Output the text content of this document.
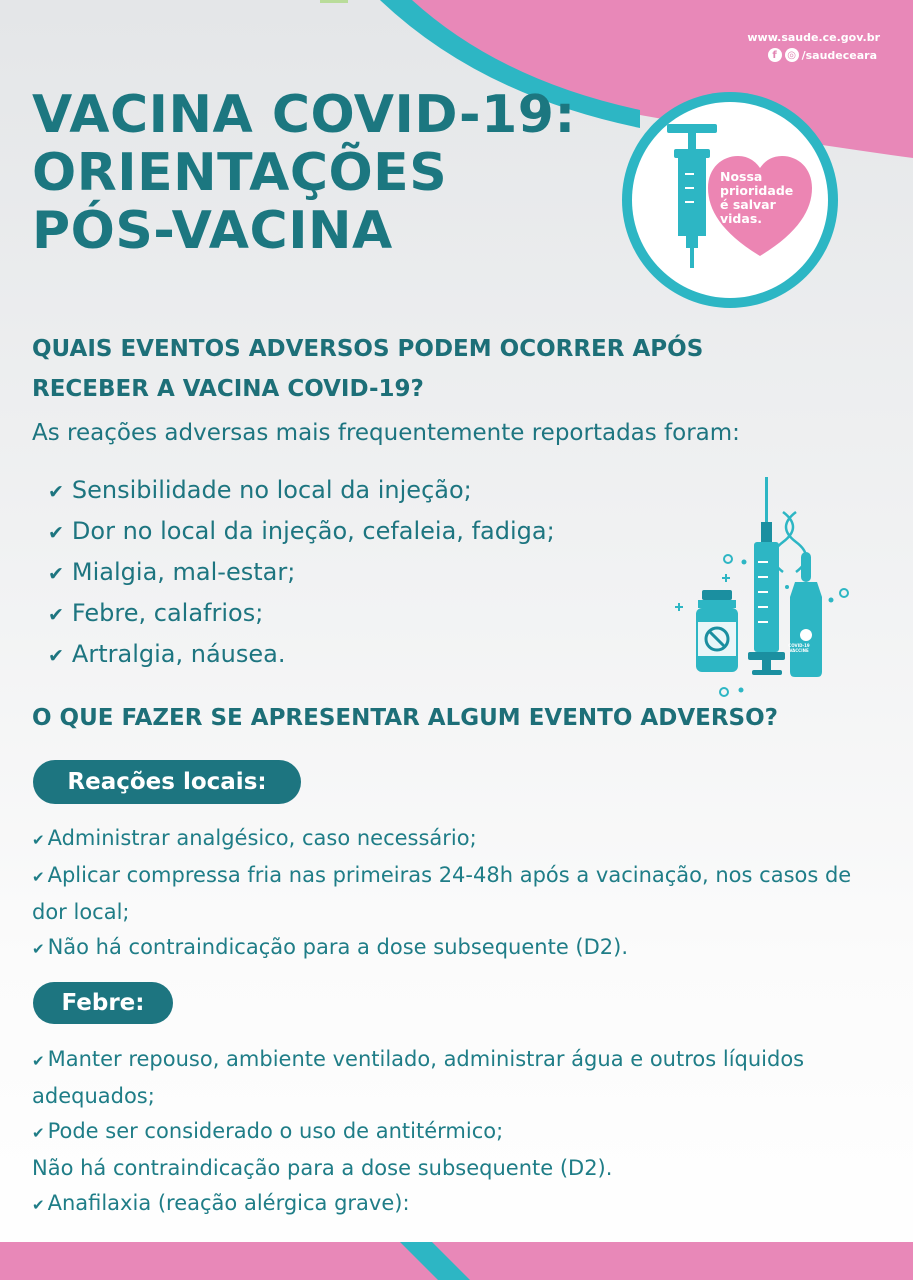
Nossa
prioridade
é salvar
vidas.
www.saude.ce.gov.br
f	◎ /saudeceara
VACINA COVID-19:
ORIENTAÇÕES
PÓS-VACINA
QUAIS EVENTOS ADVERSOS PODEM OCORRER APÓS
RECEBER A VACINA COVID-19?
As reações adversas mais frequentemente reportadas foram:
✔ Sensibilidade no local da injeção;
✔ Dor no local da injeção, cefaleia, fadiga;
✔ Mialgia, mal-estar;
✔ Febre, calafrios;
✔ Artralgia, náusea.	COVID-19
VACCINE
O QUE FAZER SE APRESENTAR ALGUM EVENTO ADVERSO?
Reações locais:

✔ Administrar analgésico, caso necessário;

✔ Aplicar compressa fria nas primeiras 24-48h após a vacinação, nos casos de dor local;

✔ Não há contraindicação para a dose subsequente (D2).

Febre:

✔ Manter repouso, ambiente ventilado, administrar água e outros líquidos adequados;

✔ Pode ser considerado o uso de antitérmico;

Não há contraindicação para a dose subsequente (D2).

✔ Anafilaxia (reação alérgica grave):
